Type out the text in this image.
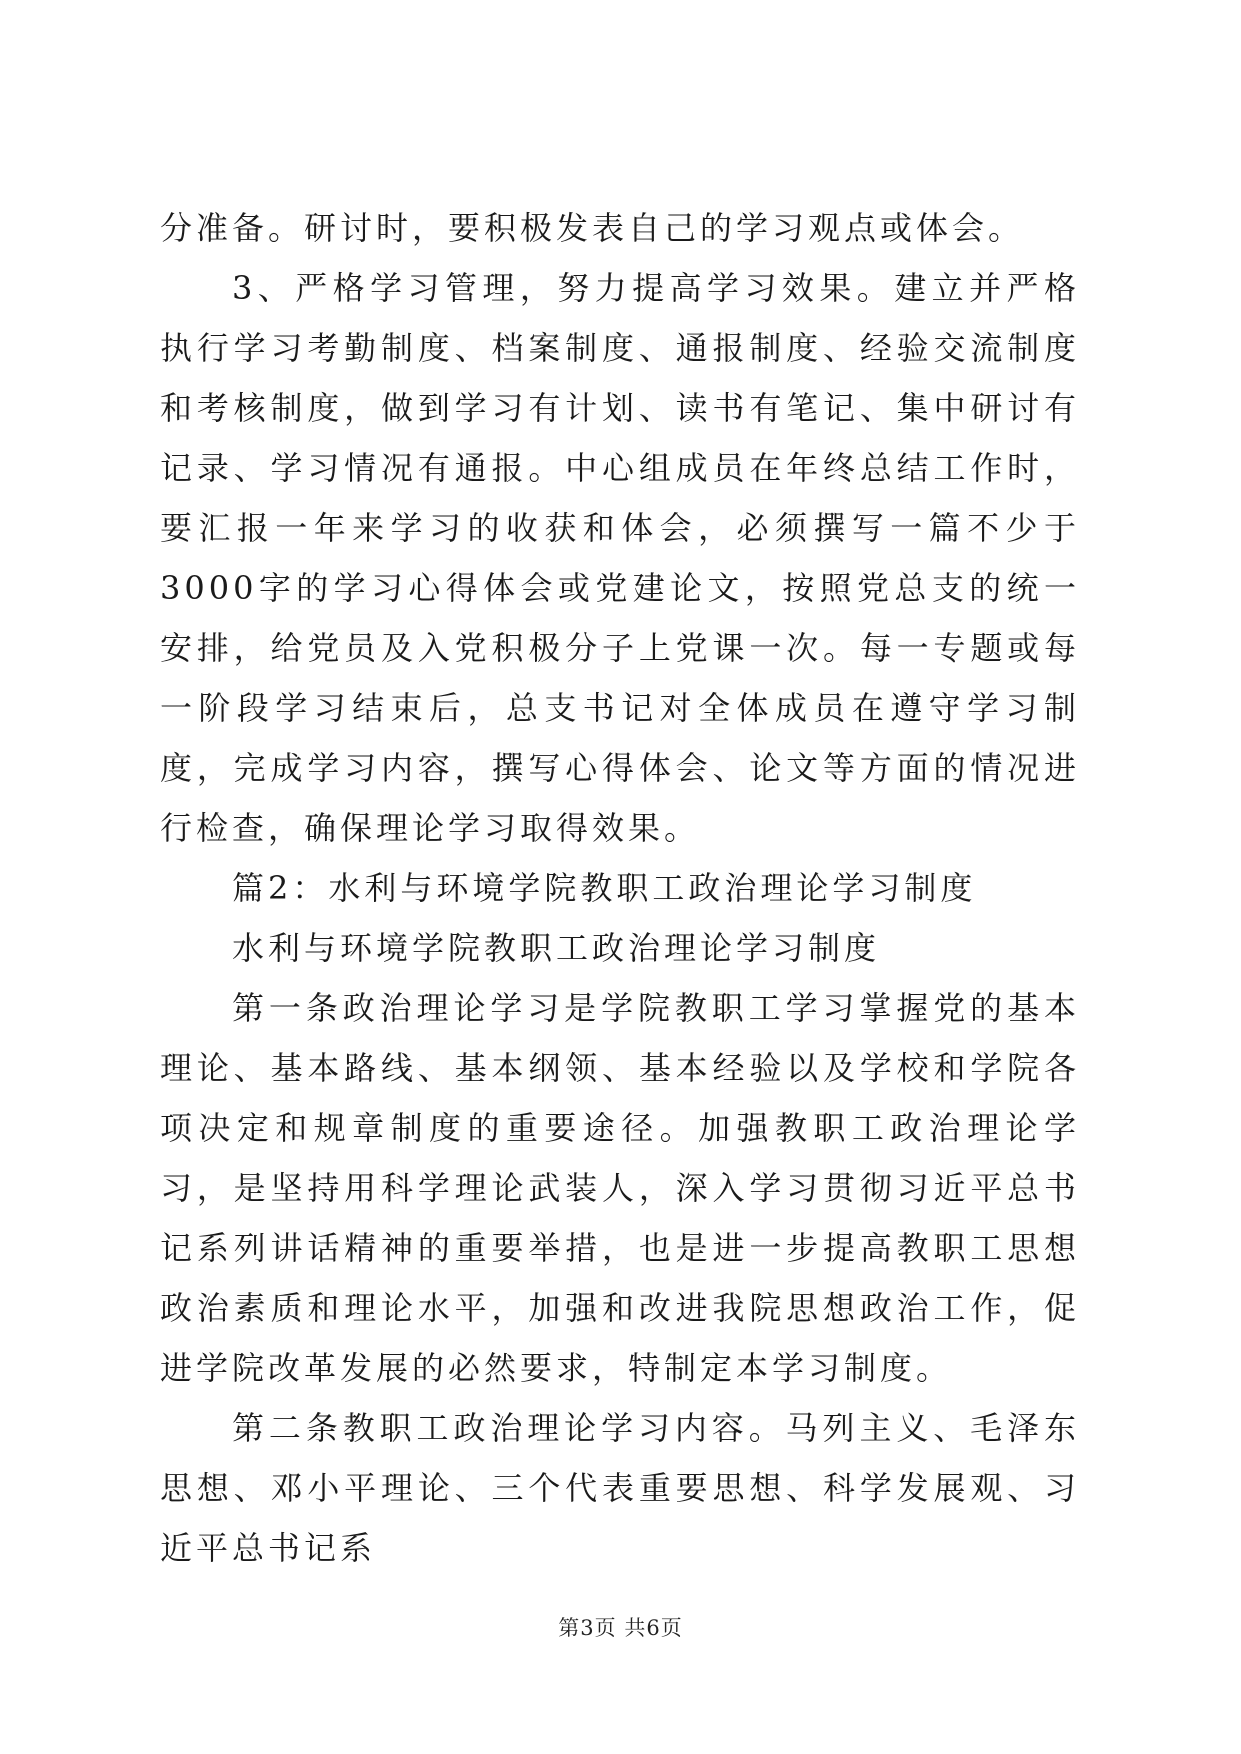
分准备。研讨时，要积极发表自己的学习观点或体会。

3、严格学习管理，努力提高学习效果。建立并严格执行学习考勤制度、档案制度、通报制度、经验交流制度和考核制度，做到学习有计划、读书有笔记、集中研讨有记录、学习情况有通报。中心组成员在年终总结工作时，要汇报一年来学习的收获和体会，必须撰写一篇不少于3000字的学习心得体会或党建论文，按照党总支的统一安排，给党员及入党积极分子上党课一次。每一专题或每一阶段学习结束后，总支书记对全体成员在遵守学习制度，完成学习内容，撰写心得体会、论文等方面的情况进行检查，确保理论学习取得效果。

篇2：水利与环境学院教职工政治理论学习制度

水利与环境学院教职工政治理论学习制度

第一条政治理论学习是学院教职工学习掌握党的基本理论、基本路线、基本纲领、基本经验以及学校和学院各项决定和规章制度的重要途径。加强教职工政治理论学习，是坚持用科学理论武装人，深入学习贯彻习近平总书记系列讲话精神的重要举措，也是进一步提高教职工思想政治素质和理论水平，加强和改进我院思想政治工作，促进学院改革发展的必然要求，特制定本学习制度。

第二条教职工政治理论学习内容。马列主义、毛泽东思想、邓小平理论、三个代表重要思想、科学发展观、习近平总书记系

第3页 共6页
